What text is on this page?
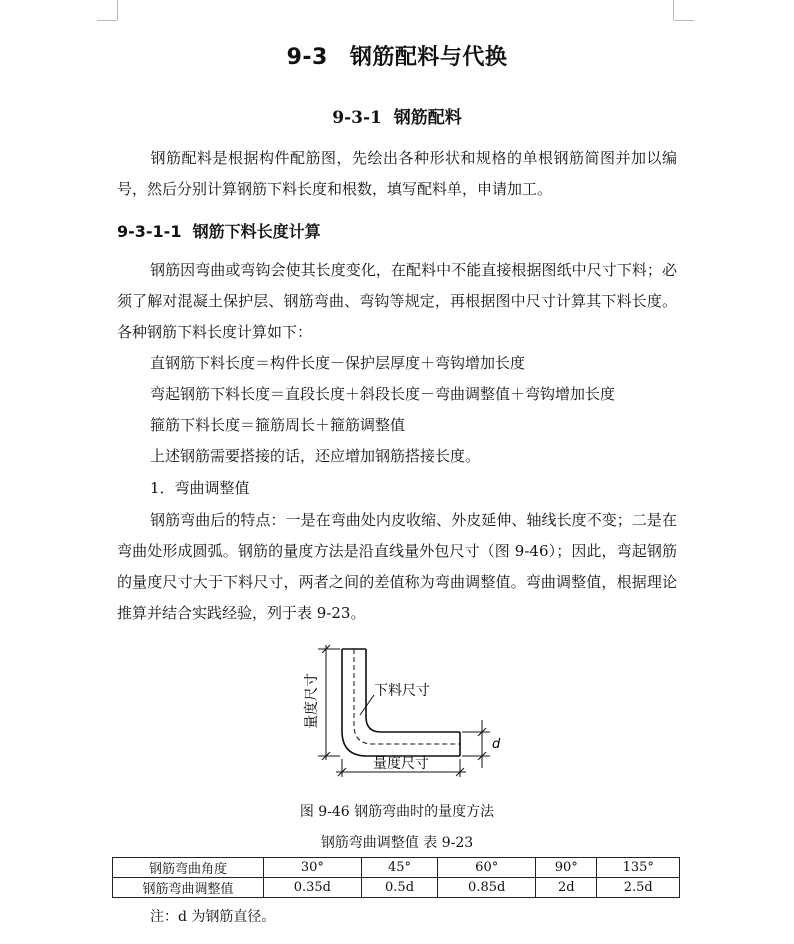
9-3 钢筋配料与代换
9-3-1 钢筋配料
钢筋配料是根据构件配筋图，先绘出各种形状和规格的单根钢筋简图并加以编号，然后分别计算钢筋下料长度和根数，填写配料单，申请加工。
9-3-1-1 钢筋下料长度计算
钢筋因弯曲或弯钩会使其长度变化，在配料中不能直接根据图纸中尺寸下料；必须了解对混凝土保护层、钢筋弯曲、弯钩等规定，再根据图中尺寸计算其下料长度。各种钢筋下料长度计算如下：
直钢筋下料长度＝构件长度－保护层厚度＋弯钩增加长度
弯起钢筋下料长度＝直段长度＋斜段长度－弯曲调整值＋弯钩增加长度
箍筋下料长度＝箍筋周长＋箍筋调整值
上述钢筋需要搭接的话，还应增加钢筋搭接长度。
1．弯曲调整值
钢筋弯曲后的特点：一是在弯曲处内皮收缩、外皮延伸、轴线长度不变；二是在弯曲处形成圆弧。钢筋的量度方法是沿直线量外包尺寸（图 9-46）；因此，弯起钢筋的量度尺寸大于下料尺寸，两者之间的差值称为弯曲调整值。弯曲调整值，根据理论推算并结合实践经验，列于表 9-23。
量度尺寸	下料尺寸
量度尺寸
d
图 9-46 钢筋弯曲时的量度方法
钢筋弯曲调整值 表 9-23
钢筋弯曲角度	30°	45°	60°	90°	135°
钢筋弯曲调整值	0.35d	0.5d	0.85d	2d	2.5d
注：d 为钢筋直径。
